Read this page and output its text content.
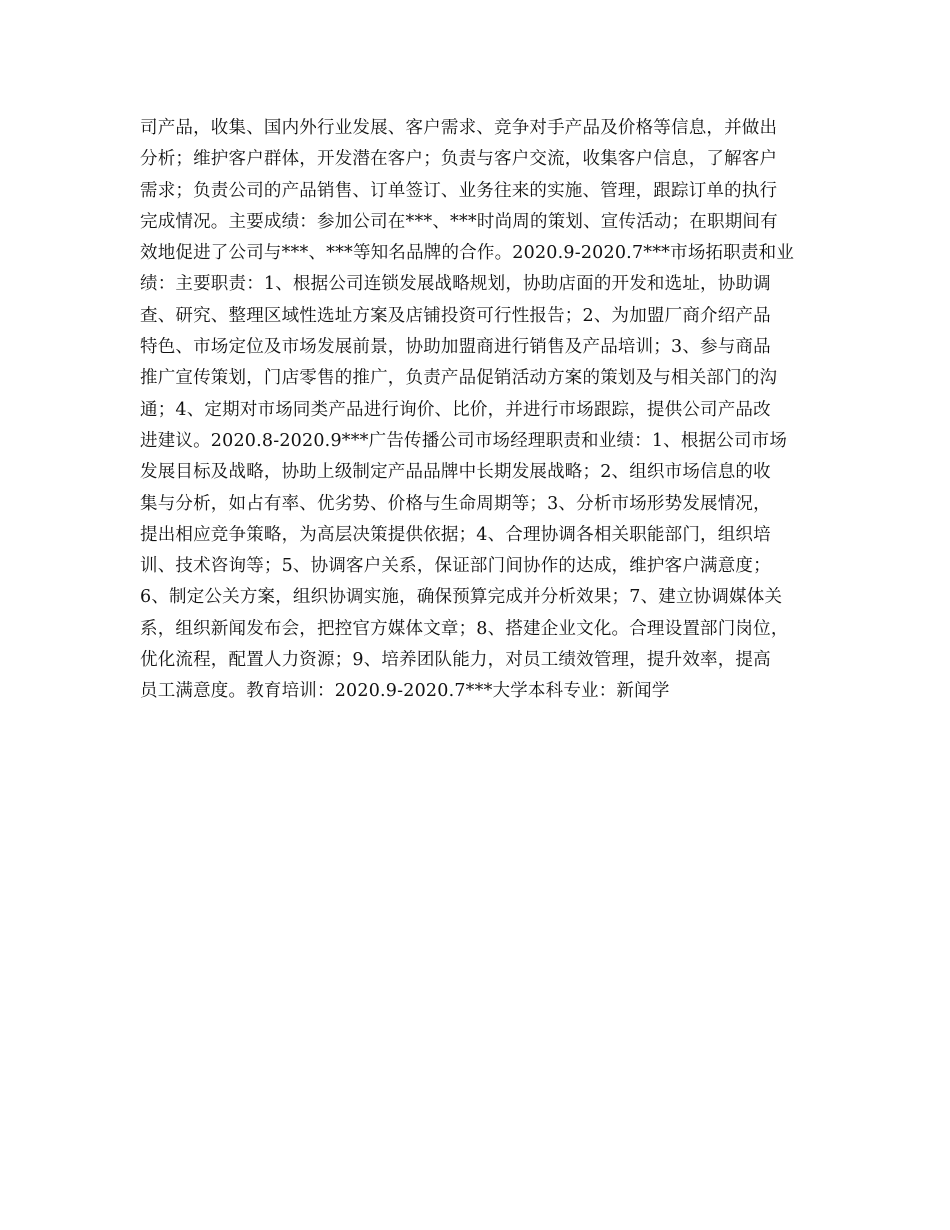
司产品，收集、国内外行业发展、客户需求、竞争对手产品及价格等信息，并做出
分析；维护客户群体，开发潜在客户；负责与客户交流，收集客户信息，了解客户
需求；负责公司的产品销售、订单签订、业务往来的实施、管理，跟踪订单的执行
完成情况。主要成绩：参加公司在***、***时尚周的策划、宣传活动；在职期间有
效地促进了公司与***、***等知名品牌的合作。2020.9-2020.7***市场拓职责和业
绩：主要职责：1、根据公司连锁发展战略规划，协助店面的开发和选址，协助调
查、研究、整理区域性选址方案及店铺投资可行性报告；2、为加盟厂商介绍产品
特色、市场定位及市场发展前景，协助加盟商进行销售及产品培训；3、参与商品
推广宣传策划，门店零售的推广，负责产品促销活动方案的策划及与相关部门的沟
通；4、定期对市场同类产品进行询价、比价，并进行市场跟踪，提供公司产品改
进建议。2020.8-2020.9***广告传播公司市场经理职责和业绩：1、根据公司市场
发展目标及战略，协助上级制定产品品牌中长期发展战略；2、组织市场信息的收
集与分析，如占有率、优劣势、价格与生命周期等；3、分析市场形势发展情况，
提出相应竞争策略，为高层决策提供依据；4、合理协调各相关职能部门，组织培
训、技术咨询等；5、协调客户关系，保证部门间协作的达成，维护客户满意度；
6、制定公关方案，组织协调实施，确保预算完成并分析效果；7、建立协调媒体关
系，组织新闻发布会，把控官方媒体文章；8、搭建企业文化。合理设置部门岗位，
优化流程，配置人力资源；9、培养团队能力，对员工绩效管理，提升效率，提高
员工满意度。教育培训：2020.9-2020.7***大学本科专业：新闻学
